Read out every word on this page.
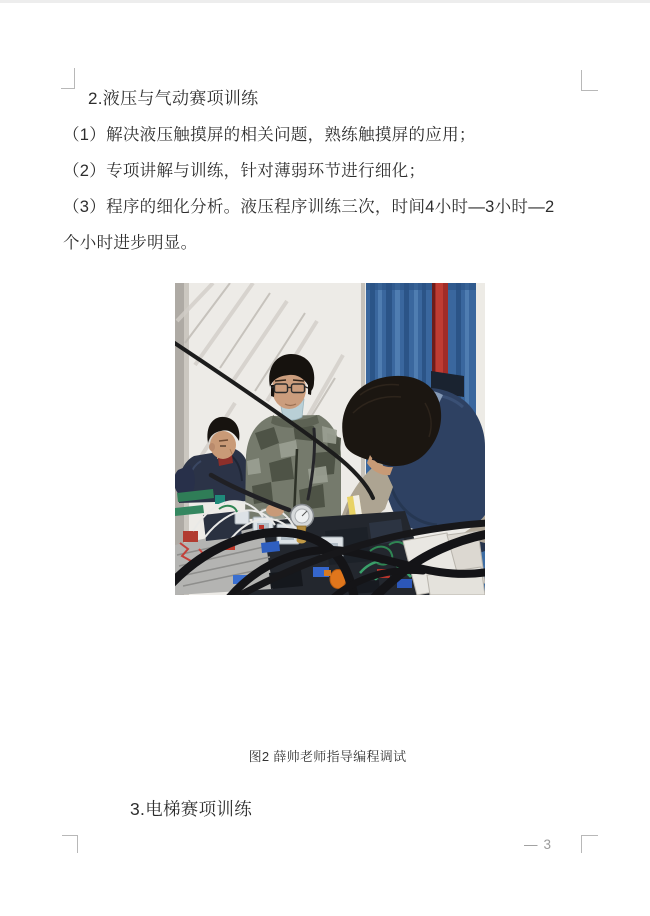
2.液压与气动赛项训练
（1）解决液压触摸屏的相关问题，熟练触摸屏的应用；
（2）专项讲解与训练，针对薄弱环节进行细化；
（3）程序的细化分析。液压程序训练三次，时间4小时—3小时—2
个小时进步明显。
图2 薛帅老师指导编程调试
3.电梯赛项训练
— 3
